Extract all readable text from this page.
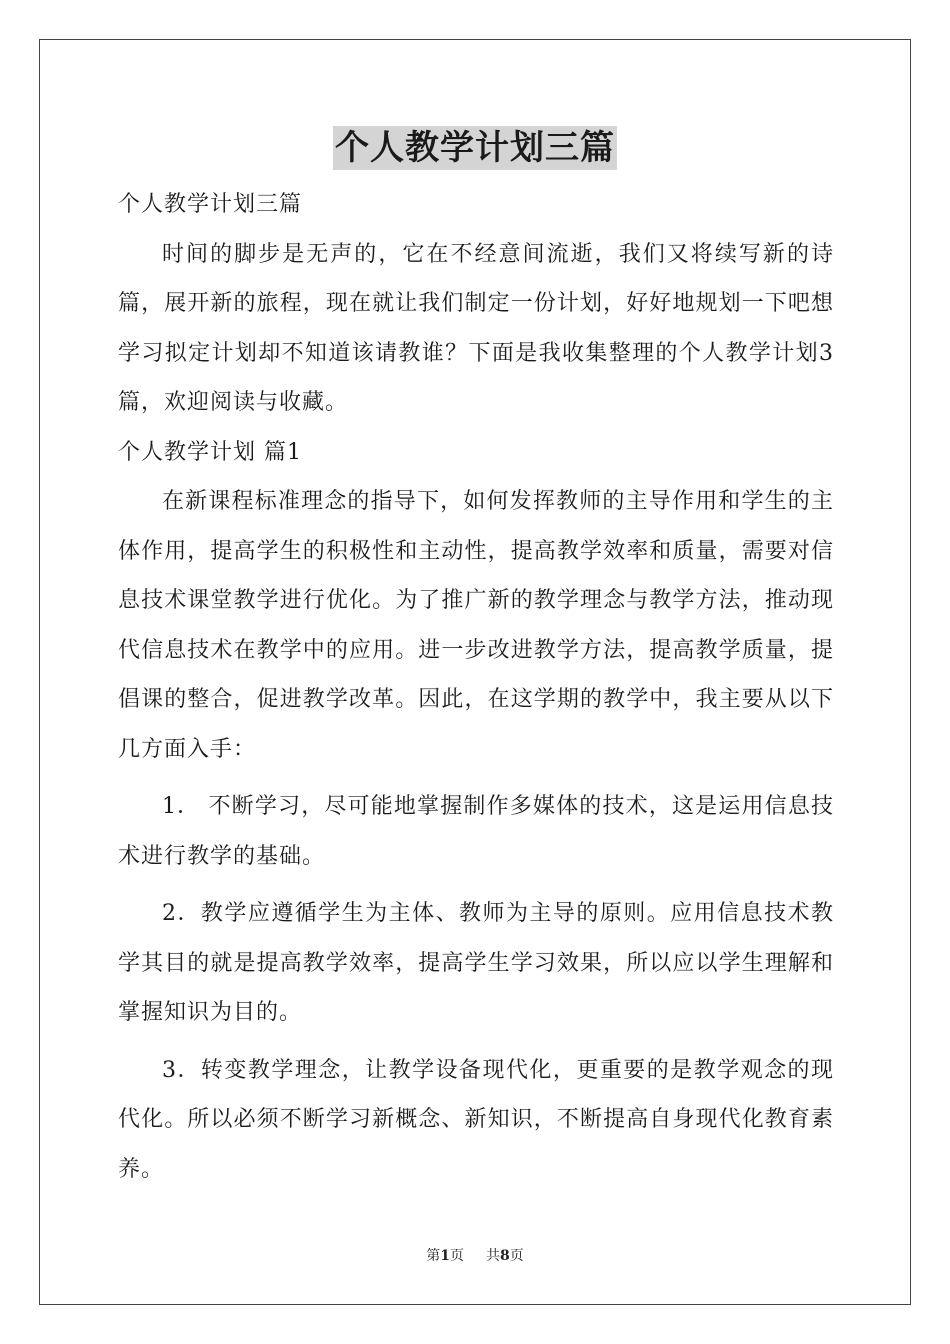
个人教学计划三篇

个人教学计划三篇

时间的脚步是无声的，它在不经意间流逝，我们又将续写新的诗篇，展开新的旅程，现在就让我们制定一份计划，好好地规划一下吧想学习拟定计划却不知道该请教谁？下面是我收集整理的个人教学计划3篇，欢迎阅读与收藏。

个人教学计划 篇1

在新课程标准理念的指导下，如何发挥教师的主导作用和学生的主体作用，提高学生的积极性和主动性，提高教学效率和质量，需要对信息技术课堂教学进行优化。为了推广新的教学理念与教学方法，推动现代信息技术在教学中的应用。进一步改进教学方法，提高教学质量，提倡课的整合，促进教学改革。因此，在这学期的教学中，我主要从以下几方面入手：

1． 不断学习，尽可能地掌握制作多媒体的技术，这是运用信息技术进行教学的基础。

2．教学应遵循学生为主体、教师为主导的原则。应用信息技术教学其目的就是提高教学效率，提高学生学习效果，所以应以学生理解和掌握知识为目的。

3．转变教学理念，让教学设备现代化，更重要的是教学观念的现代化。所以必须不断学习新概念、新知识，不断提高自身现代化教育素养。

第1页 共8页
